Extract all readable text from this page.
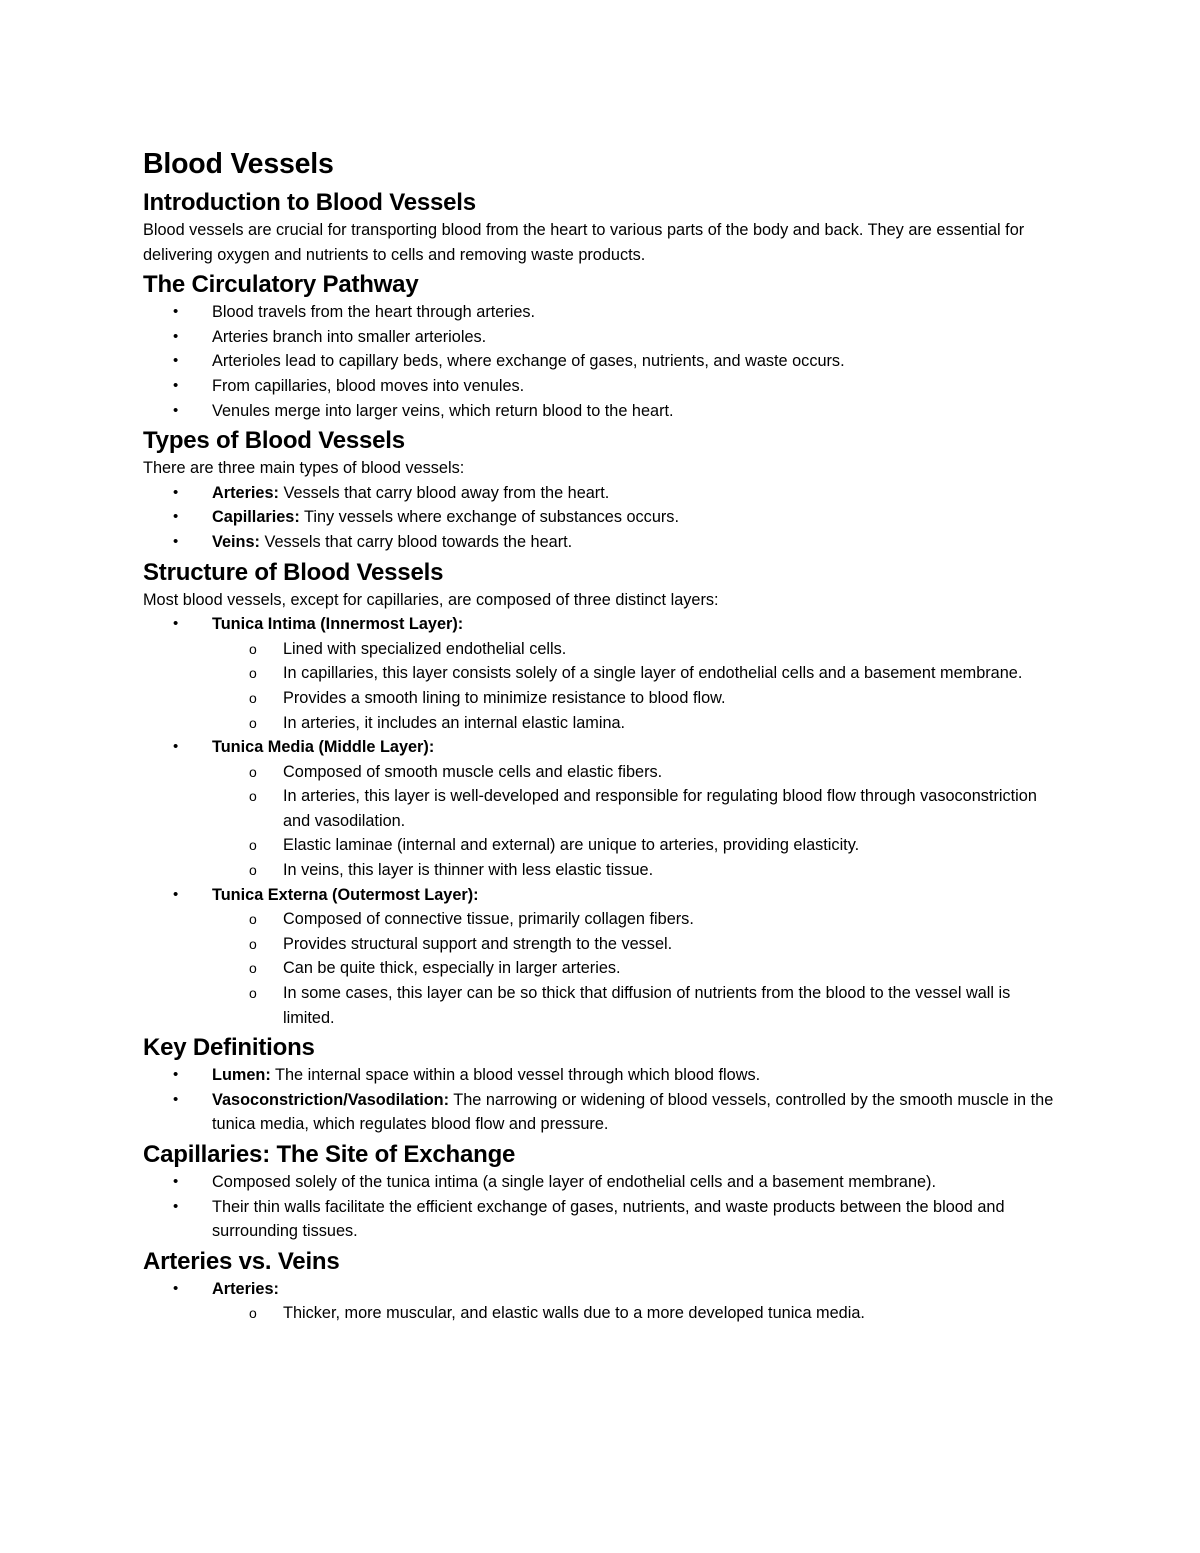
Blood Vessels
Introduction to Blood Vessels

Blood vessels are crucial for transporting blood from the heart to various parts of the body and back. They are essential for delivering oxygen and nutrients to cells and removing waste products.

The Circulatory Pathway
• Blood travels from the heart through arteries.
• Arteries branch into smaller arterioles.
• Arterioles lead to capillary beds, where exchange of gases, nutrients, and waste occurs.
• From capillaries, blood moves into venules.
• Venules merge into larger veins, which return blood to the heart.
Types of Blood Vessels

There are three main types of blood vessels:

• Arteries: Vessels that carry blood away from the heart.
• Capillaries: Tiny vessels where exchange of substances occurs.
• Veins: Vessels that carry blood towards the heart.
Structure of Blood Vessels

Most blood vessels, except for capillaries, are composed of three distinct layers:

• Tunica Intima (Innermost Layer):
o Lined with specialized endothelial cells.
o In capillaries, this layer consists solely of a single layer of endothelial cells and a basement membrane.
o Provides a smooth lining to minimize resistance to blood flow.
o In arteries, it includes an internal elastic lamina.
• Tunica Media (Middle Layer):
o Composed of smooth muscle cells and elastic fibers.
o In arteries, this layer is well-developed and responsible for regulating blood flow through vasoconstriction and vasodilation.
o Elastic laminae (internal and external) are unique to arteries, providing elasticity.
o In veins, this layer is thinner with less elastic tissue.
• Tunica Externa (Outermost Layer):
o Composed of connective tissue, primarily collagen fibers.
o Provides structural support and strength to the vessel.
o Can be quite thick, especially in larger arteries.
o In some cases, this layer can be so thick that diffusion of nutrients from the blood to the vessel wall is limited.
Key Definitions
• Lumen: The internal space within a blood vessel through which blood flows.
• Vasoconstriction/Vasodilation: The narrowing or widening of blood vessels, controlled by the smooth muscle in the tunica media, which regulates blood flow and pressure.
Capillaries: The Site of Exchange
• Composed solely of the tunica intima (a single layer of endothelial cells and a basement membrane).
• Their thin walls facilitate the efficient exchange of gases, nutrients, and waste products between the blood and surrounding tissues.
Arteries vs. Veins
• Arteries:
o Thicker, more muscular, and elastic walls due to a more developed tunica media.
